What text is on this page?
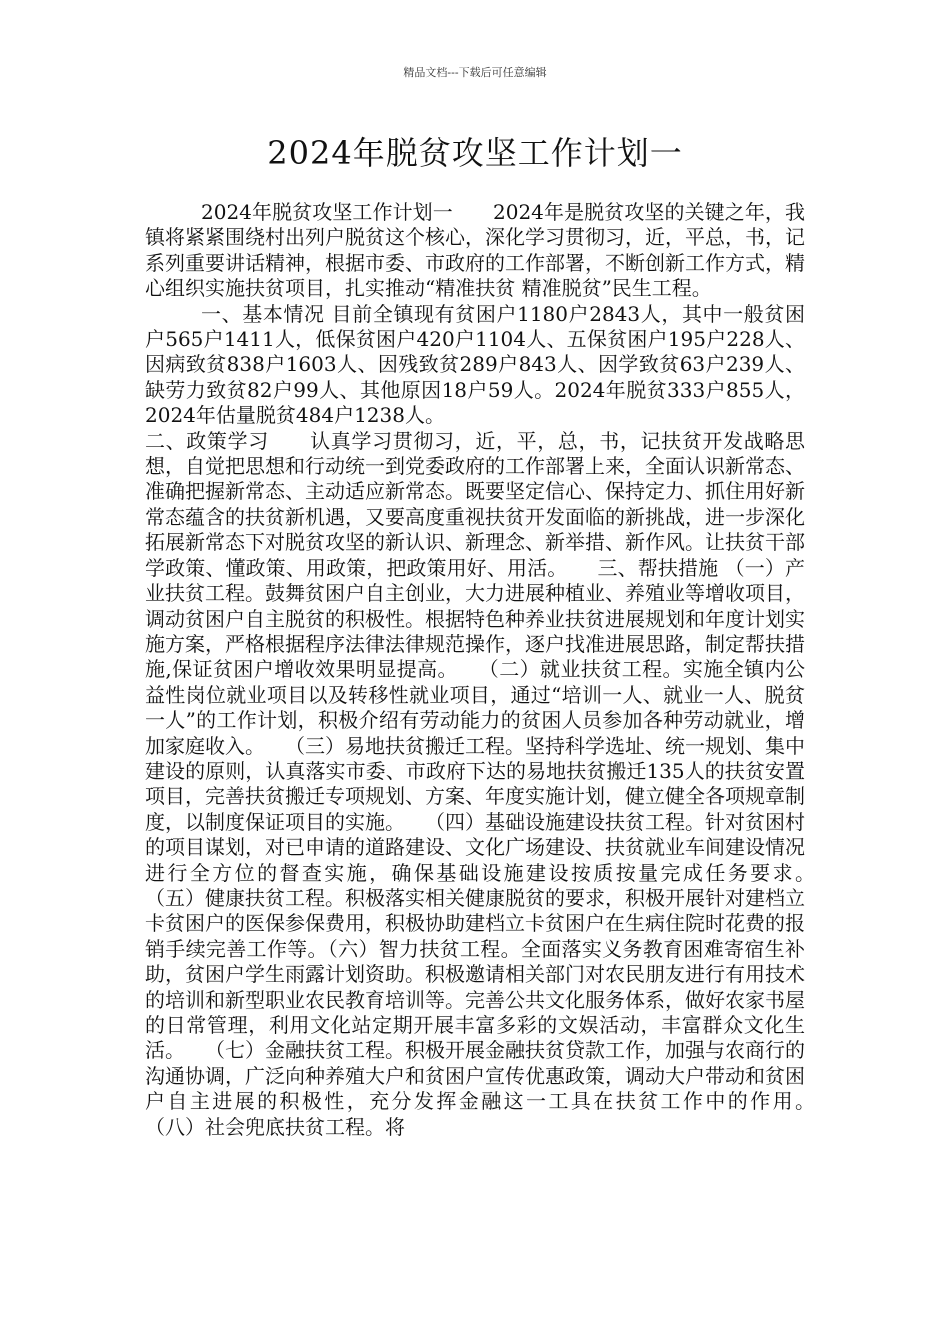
精品文档---下载后可任意编辑
2024年脱贫攻坚工作计划一

2024年脱贫攻坚工作计划一　　2024年是脱贫攻坚的关键之年，我镇将紧紧围绕村出列户脱贫这个核心，深化学习贯彻习，近，平总，书，记系列重要讲话精神，根据市委、市政府的工作部署，不断创新工作方式，精心组织实施扶贫项目，扎实推动“精准扶贫 精准脱贫”民生工程。

一、基本情况 目前全镇现有贫困户1180户2843人，其中一般贫困户565户1411人，低保贫困户420户1104人、五保贫困户195户228人、因病致贫838户1603人、因残致贫289户843人、因学致贫63户239人、缺劳力致贫82户99人、其他原因18户59人。2024年脱贫333户855人，2024年估量脱贫484户1238人。

二、政策学习　　认真学习贯彻习，近，平，总，书，记扶贫开发战略思想，自觉把思想和行动统一到党委政府的工作部署上来，全面认识新常态、准确把握新常态、主动适应新常态。既要坚定信心、保持定力、抓住用好新常态蕴含的扶贫新机遇，又要高度重视扶贫开发面临的新挑战，进一步深化拓展新常态下对脱贫攻坚的新认识、新理念、新举措、新作风。让扶贫干部学政策、懂政策、用政策，把政策用好、用活。　　三、帮扶措施 （一）产业扶贫工程。鼓舞贫困户自主创业，大力进展种植业、养殖业等增收项目，调动贫困户自主脱贫的积极性。根据特色种养业扶贫进展规划和年度计划实施方案，严格根据程序法律法律规范操作，逐户找准进展思路，制定帮扶措施,保证贫困户增收效果明显提高。　　（二）就业扶贫工程。实施全镇内公益性岗位就业项目以及转移性就业项目，通过“培训一人、就业一人、脱贫一人”的工作计划，积极介绍有劳动能力的贫困人员参加各种劳动就业，增加家庭收入。　　（三）易地扶贫搬迁工程。坚持科学选址、统一规划、集中建设的原则，认真落实市委、市政府下达的易地扶贫搬迁135人的扶贫安置项目，完善扶贫搬迁专项规划、方案、年度实施计划，健立健全各项规章制度，以制度保证项目的实施。　　（四）基础设施建设扶贫工程。针对贫困村的项目谋划，对已申请的道路建设、文化广场建设、扶贫就业车间建设情况进行全方位的督查实施，确保基础设施建设按质按量完成任务要求。　　（五）健康扶贫工程。积极落实相关健康脱贫的要求，积极开展针对建档立卡贫困户的医保参保费用，积极协助建档立卡贫困户在生病住院时花费的报销手续完善工作等。（六）智力扶贫工程。全面落实义务教育困难寄宿生补助，贫困户学生雨露计划资助。积极邀请相关部门对农民朋友进行有用技术的培训和新型职业农民教育培训等。完善公共文化服务体系，做好农家书屋的日常管理，利用文化站定期开展丰富多彩的文娱活动，丰富群众文化生活。　　（七）金融扶贫工程。积极开展金融扶贫贷款工作，加强与农商行的沟通协调，广泛向种养殖大户和贫困户宣传优惠政策，调动大户带动和贫困户自主进展的积极性，充分发挥金融这一工具在扶贫工作中的作用。　　（八）社会兜底扶贫工程。将
